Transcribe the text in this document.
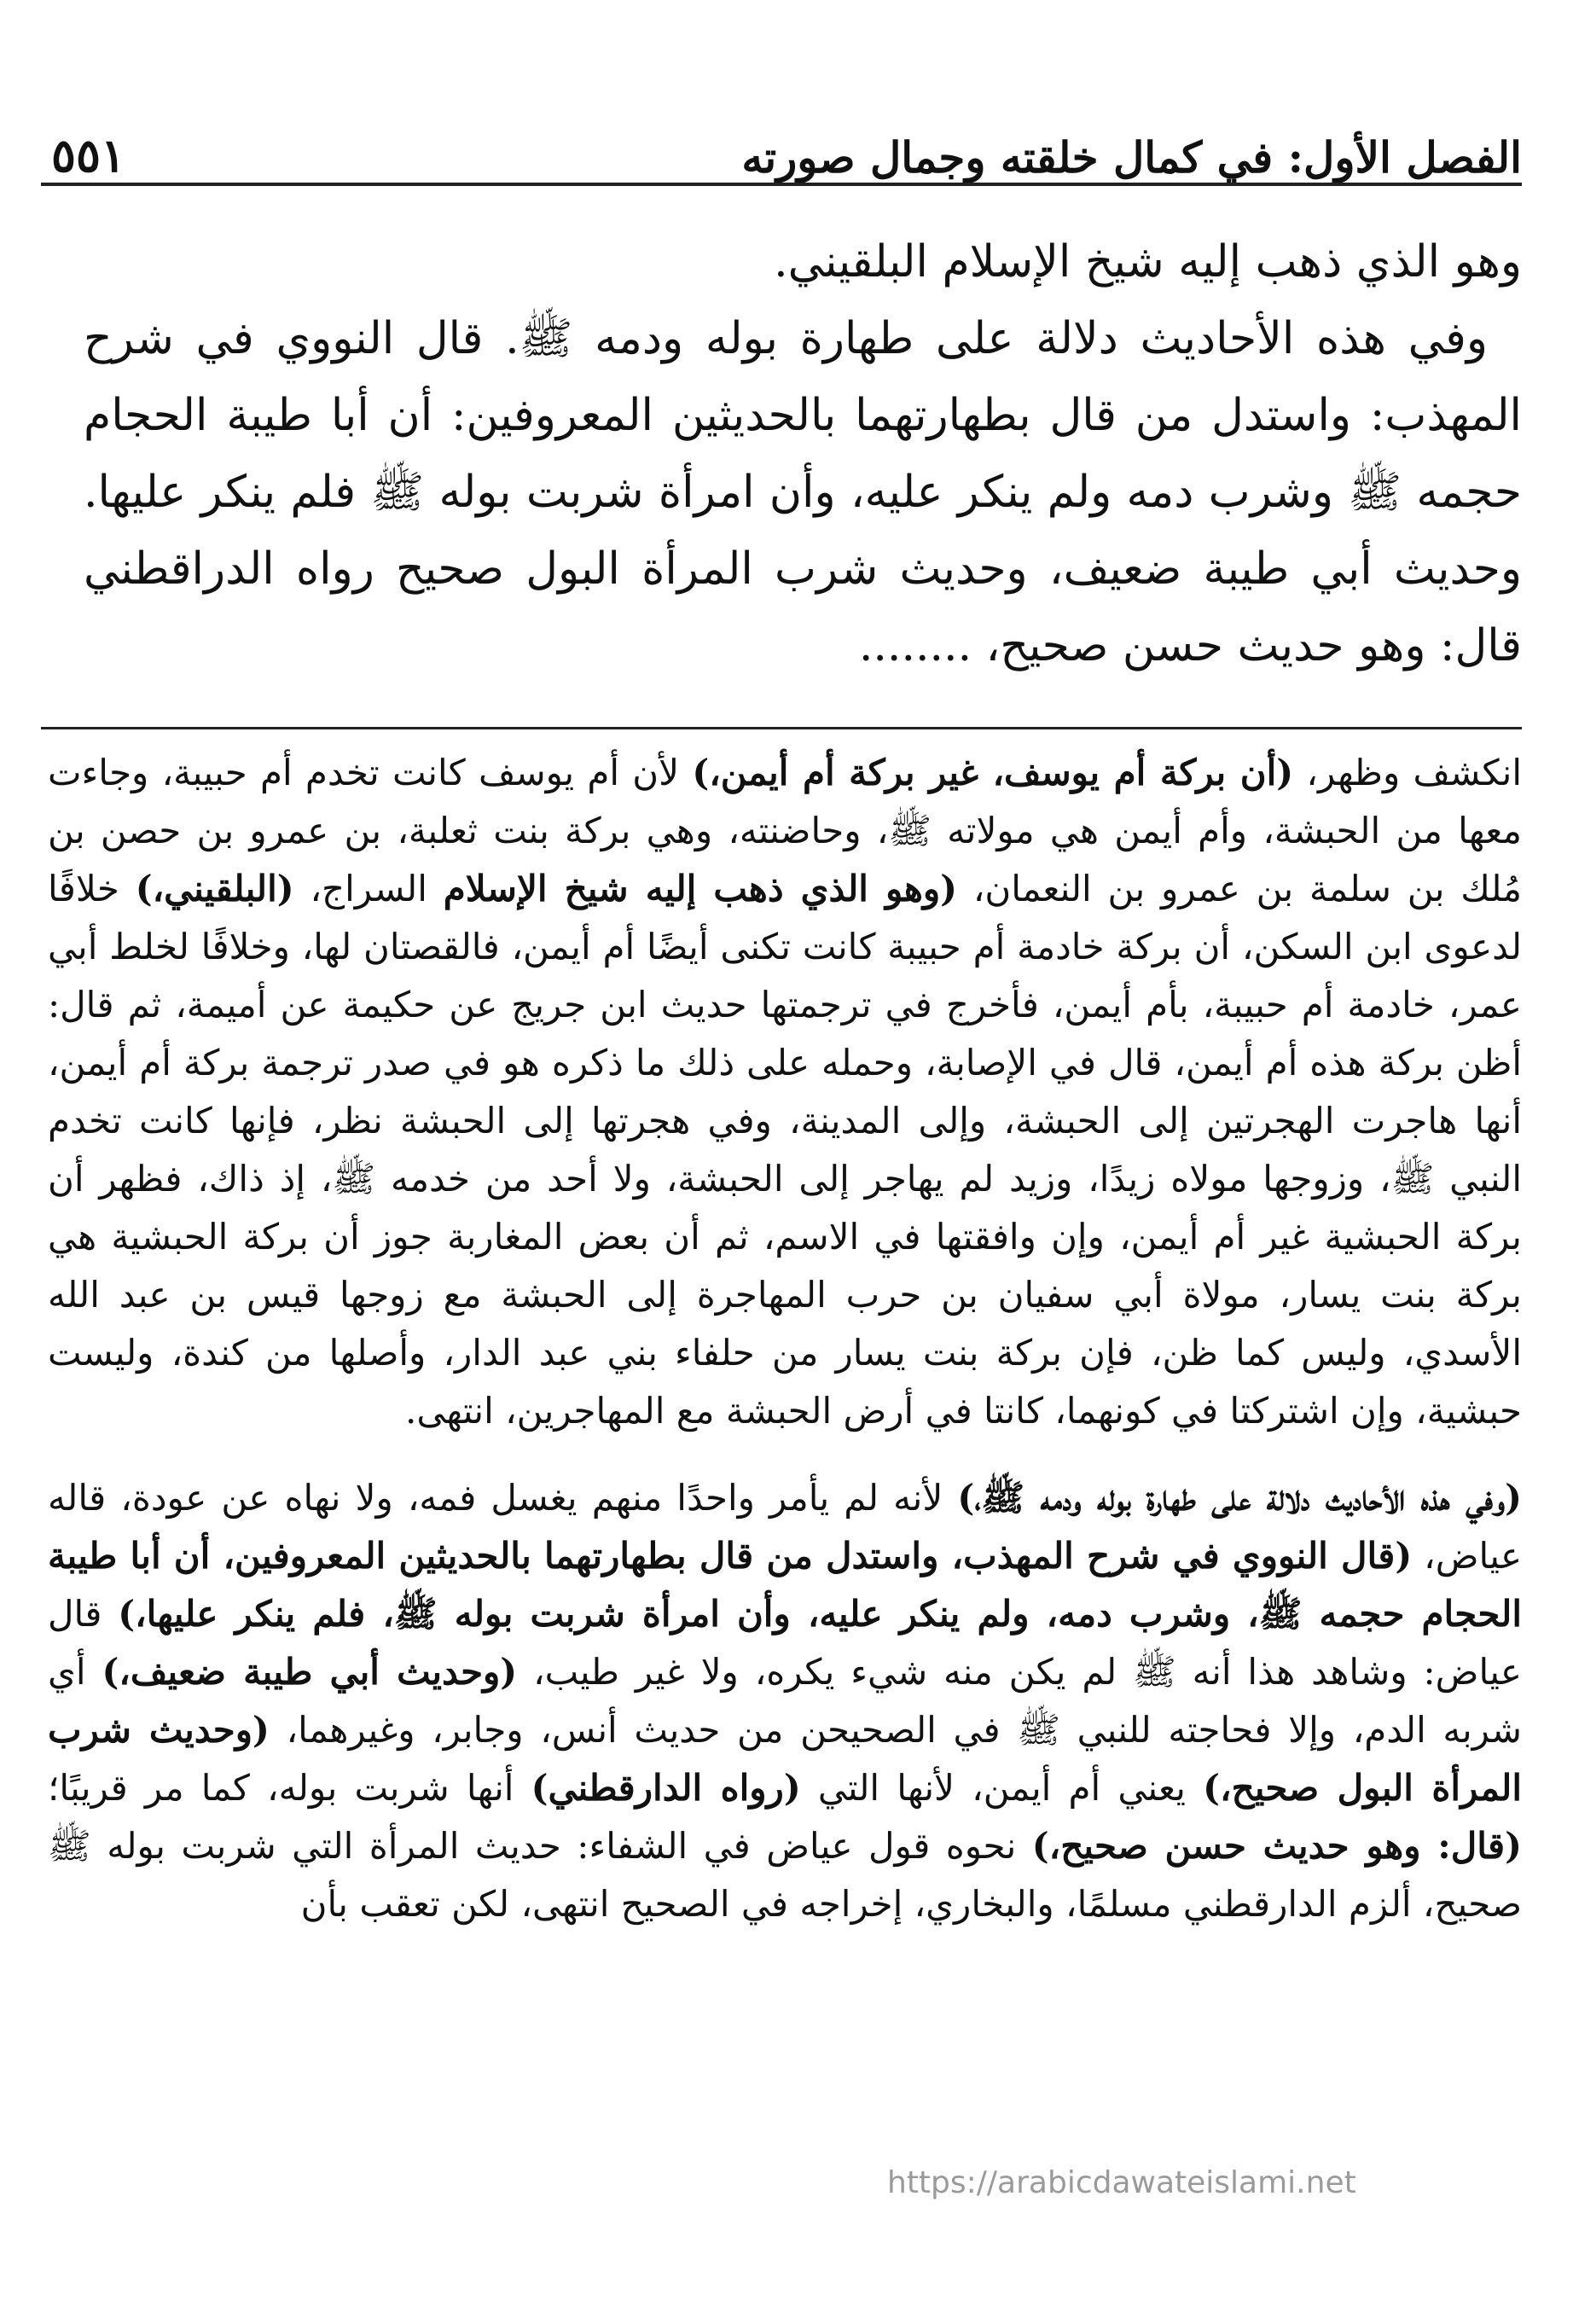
الفصل الأول: في كمال خلقته وجمال صورته
٥٥١

وهو الذي ذهب إليه شيخ الإسلام البلقيني.

وفي هذه الأحاديث دلالة على طهارة بوله ودمه ﷺ. قال النووي في شرح المهذب: واستدل من قال بطهارتهما بالحديثين المعروفين: أن أبا طيبة الحجام حجمه ﷺ وشرب دمه ولم ينكر عليه، وأن امرأة شربت بوله ﷺ فلم ينكر عليها. وحديث أبي طيبة ضعيف، وحديث شرب المرأة البول صحيح رواه الدراقطني قال: وهو حديث حسن صحيح، ........

انكشف وظهر، (أن بركة أم يوسف، غير بركة أم أيمن،) لأن أم يوسف كانت تخدم أم حبيبة، وجاءت معها من الحبشة، وأم أيمن هي مولاته ﷺ، وحاضنته، وهي بركة بنت ثعلبة، بن عمرو بن حصن بن مُلك بن سلمة بن عمرو بن النعمان، (وهو الذي ذهب إليه شيخ الإسلام السراج، (البلقيني،) خلافًا لدعوى ابن السكن، أن بركة خادمة أم حبيبة كانت تكنى أيضًا أم أيمن، فالقصتان لها، وخلافًا لخلط أبي عمر، خادمة أم حبيبة، بأم أيمن، فأخرج في ترجمتها حديث ابن جريج عن حكيمة عن أميمة، ثم قال: أظن بركة هذه أم أيمن، قال في الإصابة، وحمله على ذلك ما ذكره هو في صدر ترجمة بركة أم أيمن، أنها هاجرت الهجرتين إلى الحبشة، وإلى المدينة، وفي هجرتها إلى الحبشة نظر، فإنها كانت تخدم النبي ﷺ، وزوجها مولاه زيدًا، وزيد لم يهاجر إلى الحبشة، ولا أحد من خدمه ﷺ، إذ ذاك، فظهر أن بركة الحبشية غير أم أيمن، وإن وافقتها في الاسم، ثم أن بعض المغاربة جوز أن بركة الحبشية هي بركة بنت يسار، مولاة أبي سفيان بن حرب المهاجرة إلى الحبشة مع زوجها قيس بن عبد الله الأسدي، وليس كما ظن، فإن بركة بنت يسار من حلفاء بني عبد الدار، وأصلها من كندة، وليست حبشية، وإن اشتركتا في كونهما، كانتا في أرض الحبشة مع المهاجرين، انتهى.

(وفي هذه الأحاديث دلالة على طهارة بوله ودمه ﷺ،) لأنه لم يأمر واحدًا منهم يغسل فمه، ولا نهاه عن عودة، قاله عياض، (قال النووي في شرح المهذب، واستدل من قال بطهارتهما بالحديثين المعروفين، أن أبا طيبة الحجام حجمه ﷺ، وشرب دمه، ولم ينكر عليه، وأن امرأة شربت بوله ﷺ، فلم ينكر عليها،) قال عياض: وشاهد هذا أنه ﷺ لم يكن منه شيء يكره، ولا غير طيب، (وحديث أبي طيبة ضعيف،) أي شربه الدم، وإلا فحاجته للنبي ﷺ في الصحيحن من حديث أنس، وجابر، وغيرهما، (وحديث شرب المرأة البول صحيح،) يعني أم أيمن، لأنها التي (رواه الدارقطني) أنها شربت بوله، كما مر قريبًا؛ (قال: وهو حديث حسن صحيح،) نحوه قول عياض في الشفاء: حديث المرأة التي شربت بوله ﷺ صحيح، ألزم الدارقطني مسلمًا، والبخاري، إخراجه في الصحيح انتهى، لكن تعقب بأن

https://arabicdawateislami.net
